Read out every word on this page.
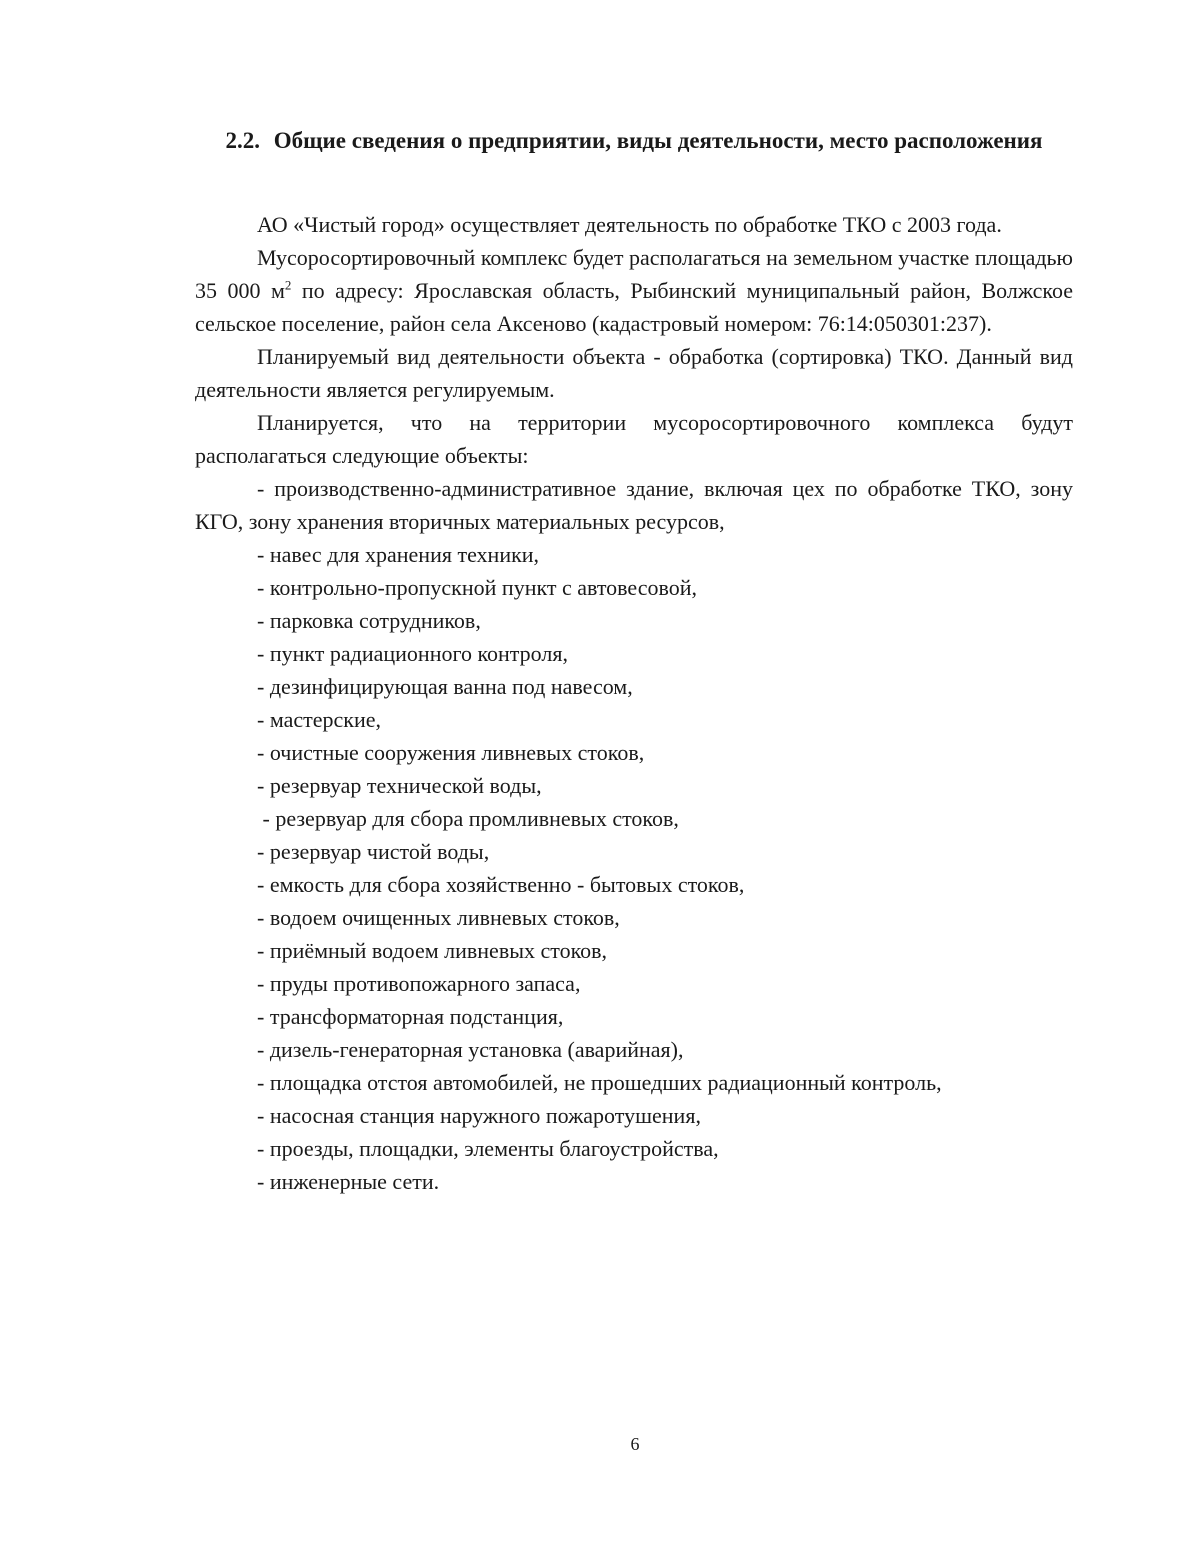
2.2. Общие сведения о предприятии, виды деятельности, место расположения

АО «Чистый город» осуществляет деятельность по обработке ТКО с 2003 года.

Мусоросортировочный комплекс будет располагаться на земельном участке площадью 35 000 $м^2$ по адресу: Ярославская область, Рыбинский муниципальный район, Волжское сельское поселение, район села Аксеново (кадастровый номером: 76:14:050301:237).

Планируемый вид деятельности объекта - обработка (сортировка) ТКО. Данный вид деятельности является регулируемым.

Планируется, что на территории мусоросортировочного комплекса будут располагаться следующие объекты:

- производственно-административное здание, включая цех по обработке ТКО, зону КГО, зону хранения вторичных материальных ресурсов,
- навес для хранения техники,
- контрольно-пропускной пункт с автовесовой,
- парковка сотрудников,
- пункт радиационного контроля,
- дезинфицирующая ванна под навесом,
- мастерские,
- очистные сооружения ливневых стоков,
- резервуар технической воды,
- резервуар для сбора промливневых стоков,
- резервуар чистой воды,
- емкость для сбора хозяйственно - бытовых стоков,
- водоем очищенных ливневых стоков,
- приёмный водоем ливневых стоков,
- пруды противопожарного запаса,
- трансформаторная подстанция,
- дизель-генераторная установка (аварийная),
- площадка отстоя автомобилей, не прошедших радиационный контроль,
- насосная станция наружного пожаротушения,
- проезды, площадки, элементы благоустройства,
- инженерные сети.
6
